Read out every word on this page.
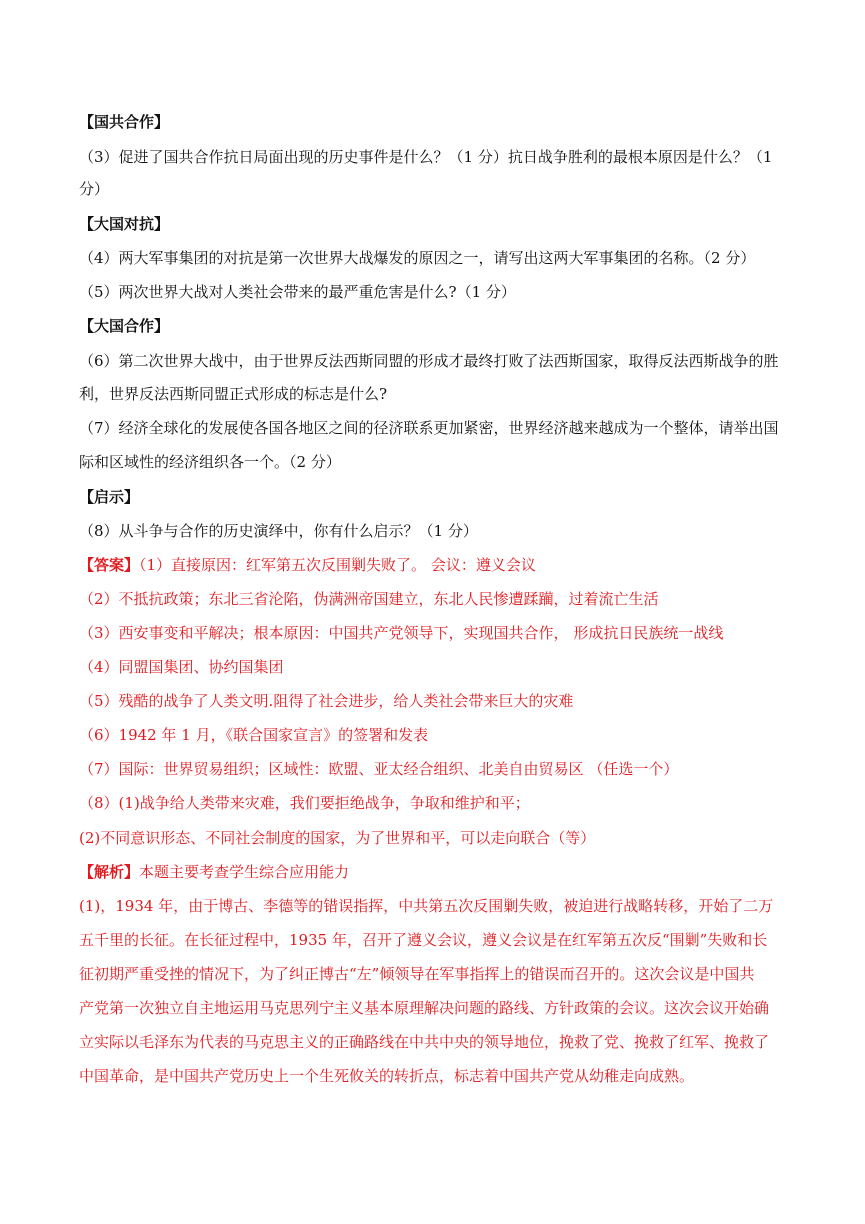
【国共合作】
（3）促进了国共合作抗日局面出现的历史事件是什么？（1 分）抗日战争胜利的最根本原因是什么？（1
分）
【大国对抗】
（4）两大军事集团的对抗是第一次世界大战爆发的原因之一，请写出这两大军事集团的名称。（2 分）
（5）两次世界大战对人类社会带来的最严重危害是什么?（1 分）
【大国合作】
（6）第二次世界大战中，由于世界反法西斯同盟的形成才最终打败了法西斯国家，取得反法西斯战争的胜
利，世界反法西斯同盟正式形成的标志是什么?
（7）经济全球化的发展使各国各地区之间的径济联系更加紧密，世界经济越来越成为一个整体，请举出国
际和区域性的经济组织各一个。（2 分）
【启示】
（8）从斗争与合作的历史演绎中，你有什么启示？（1 分）
【答案】（1）直接原因：红军第五次反围剿失败了。 会议：遵义会议
（2）不抵抗政策；东北三省沦陷，伪满洲帝国建立，东北人民惨遭蹂躏，过着流亡生活
（3）西安事变和平解决；根本原因：中国共产党领导下，实现国共合作， 形成抗日民族统一战线
（4）同盟国集团、协约国集团
（5）残酷的战争了人类文明.阻得了社会进步，给人类社会带来巨大的灾难
（6）1942 年 1 月，《联合国家宣言》的签署和发表
（7）国际：世界贸易组织；区域性：欧盟、亚太经合组织、北美自由贸易区 （任选一个）
（8）(1)战争给人类带来灾难，我们要拒绝战争，争取和维护和平；
(2)不同意识形态、不同社会制度的国家，为了世界和平，可以走向联合（等）
【解析】本题主要考查学生综合应用能力
(1)，1934 年，由于博古、李德等的错误指挥，中共第五次反围剿失败，被迫进行战略转移，开始了二万
五千里的长征。在长征过程中，1935 年，召开了遵义会议，遵义会议是在红军第五次反“围剿”失败和长
征初期严重受挫的情况下，为了纠正博古“左”倾领导在军事指挥上的错误而召开的。这次会议是中国共
产党第一次独立自主地运用马克思列宁主义基本原理解决问题的路线、方针政策的会议。这次会议开始确
立实际以毛泽东为代表的马克思主义的正确路线在中共中央的领导地位，挽救了党、挽救了红军、挽救了
中国革命，是中国共产党历史上一个生死攸关的转折点，标志着中国共产党从幼稚走向成熟。
